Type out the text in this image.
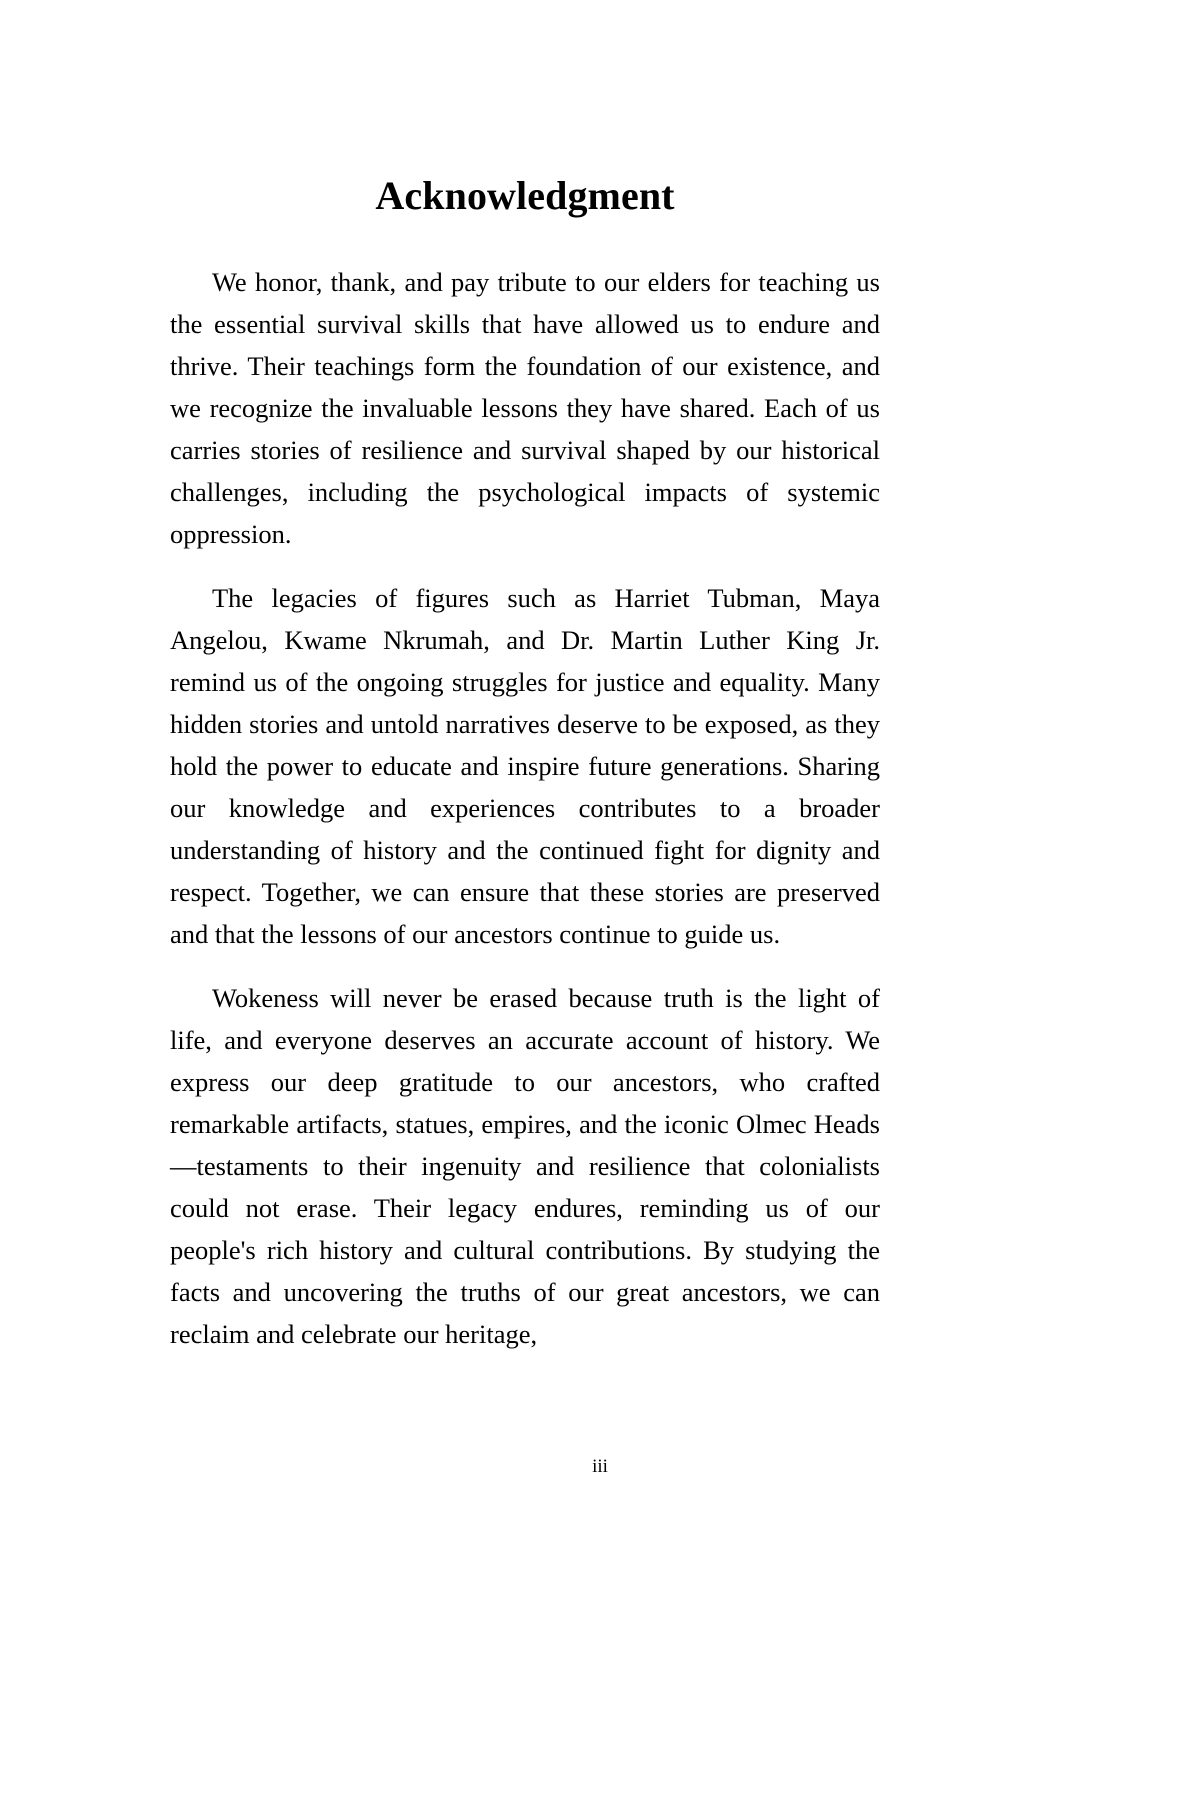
Acknowledgment

We honor, thank, and pay tribute to our elders for teaching us the essential survival skills that have allowed us to endure and thrive. Their teachings form the foundation of our existence, and we recognize the invaluable lessons they have shared. Each of us carries stories of resilience and survival shaped by our historical challenges, including the psychological impacts of systemic oppression.

The legacies of figures such as Harriet Tubman, Maya Angelou, Kwame Nkrumah, and Dr. Martin Luther King Jr. remind us of the ongoing struggles for justice and equality. Many hidden stories and untold narratives deserve to be exposed, as they hold the power to educate and inspire future generations. Sharing our knowledge and experiences contributes to a broader understanding of history and the continued fight for dignity and respect. Together, we can ensure that these stories are preserved and that the lessons of our ancestors continue to guide us.

Wokeness will never be erased because truth is the light of life, and everyone deserves an accurate account of history. We express our deep gratitude to our ancestors, who crafted remarkable artifacts, statues, empires, and the iconic Olmec Heads—testaments to their ingenuity and resilience that colonialists could not erase. Their legacy endures, reminding us of our people's rich history and cultural contributions. By studying the facts and uncovering the truths of our great ancestors, we can reclaim and celebrate our heritage,

iii
